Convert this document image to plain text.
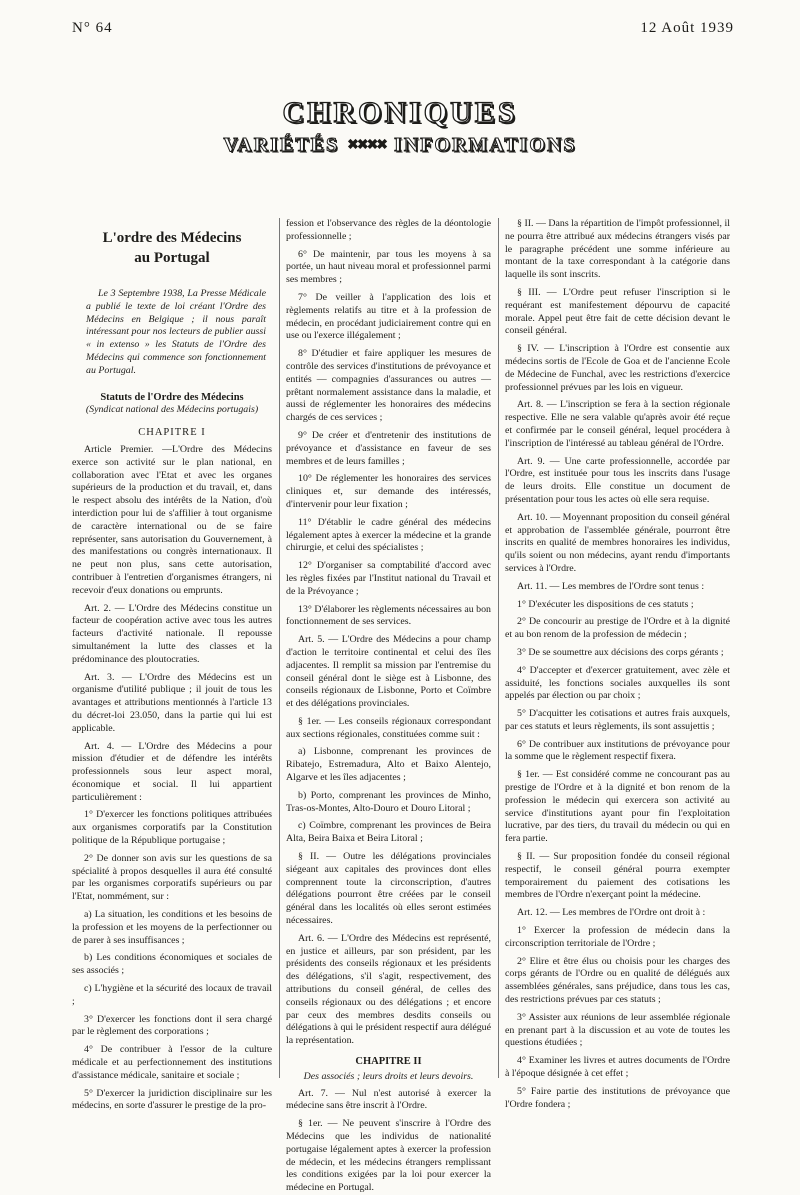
N° 64	12 Août 1939
CHRONIQUES
VARIÉTÉS ✖✖✖✖ INFORMATIONS
L'ordre des Médecins
au Portugal
Le 3 Septembre 1938, La Presse Médicale a publié le texte de loi créant l'Ordre des Médecins en Belgique ; il nous paraît intéressant pour nos lecteurs de publier aussi « in extenso » les Statuts de l'Ordre des Médecins qui commence son fonctionnement au Portugal.
Statuts de l'Ordre des Médecins
(Syndicat national des Médecins portugais)
CHAPITRE I

Article Premier. —L'Ordre des Médecins exerce son activité sur le plan national, en collaboration avec l'Etat et avec les organes supérieurs de la production et du travail, et, dans le respect absolu des intérêts de la Nation, d'où interdiction pour lui de s'affilier à tout organisme de caractère international ou de se faire représenter, sans autorisation du Gouvernement, à des manifestations ou congrès internationaux. Il ne peut non plus, sans cette autorisation, contribuer à l'entretien d'organismes étrangers, ni recevoir d'eux donations ou emprunts.

Art. 2. — L'Ordre des Médecins constitue un facteur de coopération active avec tous les autres facteurs d'activité nationale. Il repousse simultanément la lutte des classes et la prédominance des ploutocraties.

Art. 3. — L'Ordre des Médecins est un organisme d'utilité publique ; il jouit de tous les avantages et attributions mentionnés à l'article 13 du décret-loi 23.050, dans la partie qui lui est applicable.

Art. 4. — L'Ordre des Médecins a pour mission d'étudier et de défendre les intérêts professionnels sous leur aspect moral, économique et social. Il lui appartient particulièrement :

1° D'exercer les fonctions politiques attribuées aux organismes corporatifs par la Constitution politique de la République portugaise ;

2° De donner son avis sur les questions de sa spécialité à propos desquelles il aura été consulté par les organismes corporatifs supérieurs ou par l'Etat, nommément, sur :

a) La situation, les conditions et les besoins de la profession et les moyens de la perfectionner ou de parer à ses insuffisances ;

b) Les conditions économiques et sociales de ses associés ;

c) L'hygiène et la sécurité des locaux de travail ;

3° D'exercer les fonctions dont il sera chargé par le règlement des corporations ;

4° De contribuer à l'essor de la culture médicale et au perfectionnement des institutions d'assistance médicale, sanitaire et sociale ;

5° D'exercer la juridiction disciplinaire sur les médecins, en sorte d'assurer le prestige de la pro-

fession et l'observance des règles de la déontologie professionnelle ;

6° De maintenir, par tous les moyens à sa portée, un haut niveau moral et professionnel parmi ses membres ;

7° De veiller à l'application des lois et règlements relatifs au titre et à la profession de médecin, en procédant judiciairement contre qui en use ou l'exerce illégalement ;

8° D'étudier et faire appliquer les mesures de contrôle des services d'institutions de prévoyance et entités — compagnies d'assurances ou autres — prêtant normalement assistance dans la maladie, et aussi de réglementer les honoraires des médecins chargés de ces services ;

9° De créer et d'entretenir des institutions de prévoyance et d'assistance en faveur de ses membres et de leurs familles ;

10° De réglementer les honoraires des services cliniques et, sur demande des intéressés, d'intervenir pour leur fixation ;

11° D'établir le cadre général des médecins légalement aptes à exercer la médecine et la grande chirurgie, et celui des spécialistes ;

12° D'organiser sa comptabilité d'accord avec les règles fixées par l'Institut national du Travail et de la Prévoyance ;

13° D'élaborer les règlements nécessaires au bon fonctionnement de ses services.

Art. 5. — L'Ordre des Médecins a pour champ d'action le territoire continental et celui des îles adjacentes. Il remplit sa mission par l'entremise du conseil général dont le siège est à Lisbonne, des conseils régionaux de Lisbonne, Porto et Coïmbre et des délégations provinciales.

§ 1er. — Les conseils régionaux correspondant aux sections régionales, constituées comme suit :

a) Lisbonne, comprenant les provinces de Ribatejo, Estremadura, Alto et Baixo Alentejo, Algarve et les îles adjacentes ;

b) Porto, comprenant les provinces de Minho, Tras-os-Montes, Alto-Douro et Douro Litoral ;

c) Coïmbre, comprenant les provinces de Beira Alta, Beira Baixa et Beira Litoral ;

§ II. — Outre les délégations provinciales siégeant aux capitales des provinces dont elles comprennent toute la circonscription, d'autres délégations pourront être créées par le conseil général dans les localités où elles seront estimées nécessaires.

Art. 6. — L'Ordre des Médecins est représenté, en justice et ailleurs, par son président, par les présidents des conseils régionaux et les présidents des délégations, s'il s'agit, respectivement, des attributions du conseil général, de celles des conseils régionaux ou des délégations ; et encore par ceux des membres desdits conseils ou délégations à qui le président respectif aura délégué la représentation.

CHAPITRE II
Des associés ; leurs droits et leurs devoirs.

Art. 7. — Nul n'est autorisé à exercer la médecine sans être inscrit à l'Ordre.

§ 1er. — Ne peuvent s'inscrire à l'Ordre des Médecins que les individus de nationalité portugaise légalement aptes à exercer la profession de médecin, et les médecins étrangers remplissant les conditions exigées par la loi pour exercer la médecine en Portugal.

§ II. — Dans la répartition de l'impôt professionnel, il ne pourra être attribué aux médecins étrangers visés par le paragraphe précédent une somme inférieure au montant de la taxe correspondant à la catégorie dans laquelle ils sont inscrits.

§ III. — L'Ordre peut refuser l'inscription si le requérant est manifestement dépourvu de capacité morale. Appel peut être fait de cette décision devant le conseil général.

§ IV. — L'inscription à l'Ordre est consentie aux médecins sortis de l'Ecole de Goa et de l'ancienne Ecole de Médecine de Funchal, avec les restrictions d'exercice professionnel prévues par les lois en vigueur.

Art. 8. — L'inscription se fera à la section régionale respective. Elle ne sera valable qu'après avoir été reçue et confirmée par le conseil général, lequel procédera à l'inscription de l'intéressé au tableau général de l'Ordre.

Art. 9. — Une carte professionnelle, accordée par l'Ordre, est instituée pour tous les inscrits dans l'usage de leurs droits. Elle constitue un document de présentation pour tous les actes où elle sera requise.

Art. 10. — Moyennant proposition du conseil général et approbation de l'assemblée générale, pourront être inscrits en qualité de membres honoraires les individus, qu'ils soient ou non médecins, ayant rendu d'importants services à l'Ordre.

Art. 11. — Les membres de l'Ordre sont tenus :

1° D'exécuter les dispositions de ces statuts ;

2° De concourir au prestige de l'Ordre et à la dignité et au bon renom de la profession de médecin ;

3° De se soumettre aux décisions des corps gérants ;

4° D'accepter et d'exercer gratuitement, avec zèle et assiduité, les fonctions sociales auxquelles ils sont appelés par élection ou par choix ;

5° D'acquitter les cotisations et autres frais auxquels, par ces statuts et leurs règlements, ils sont assujettis ;

6° De contribuer aux institutions de prévoyance pour la somme que le règlement respectif fixera.

§ 1er. — Est considéré comme ne concourant pas au prestige de l'Ordre et à la dignité et bon renom de la profession le médecin qui exercera son activité au service d'institutions ayant pour fin l'exploitation lucrative, par des tiers, du travail du médecin ou qui en fera partie.

§ II. — Sur proposition fondée du conseil régional respectif, le conseil général pourra exempter temporairement du paiement des cotisations les membres de l'Ordre n'exerçant point la médecine.

Art. 12. — Les membres de l'Ordre ont droit à :

1° Exercer la profession de médecin dans la circonscription territoriale de l'Ordre ;

2° Elire et être élus ou choisis pour les charges des corps gérants de l'Ordre ou en qualité de délégués aux assemblées générales, sans préjudice, dans tous les cas, des restrictions prévues par ces statuts ;

3° Assister aux réunions de leur assemblée régionale en prenant part à la discussion et au vote de toutes les questions étudiées ;

4° Examiner les livres et autres documents de l'Ordre à l'époque désignée à cet effet ;

5° Faire partie des institutions de prévoyance que l'Ordre fondera ;
